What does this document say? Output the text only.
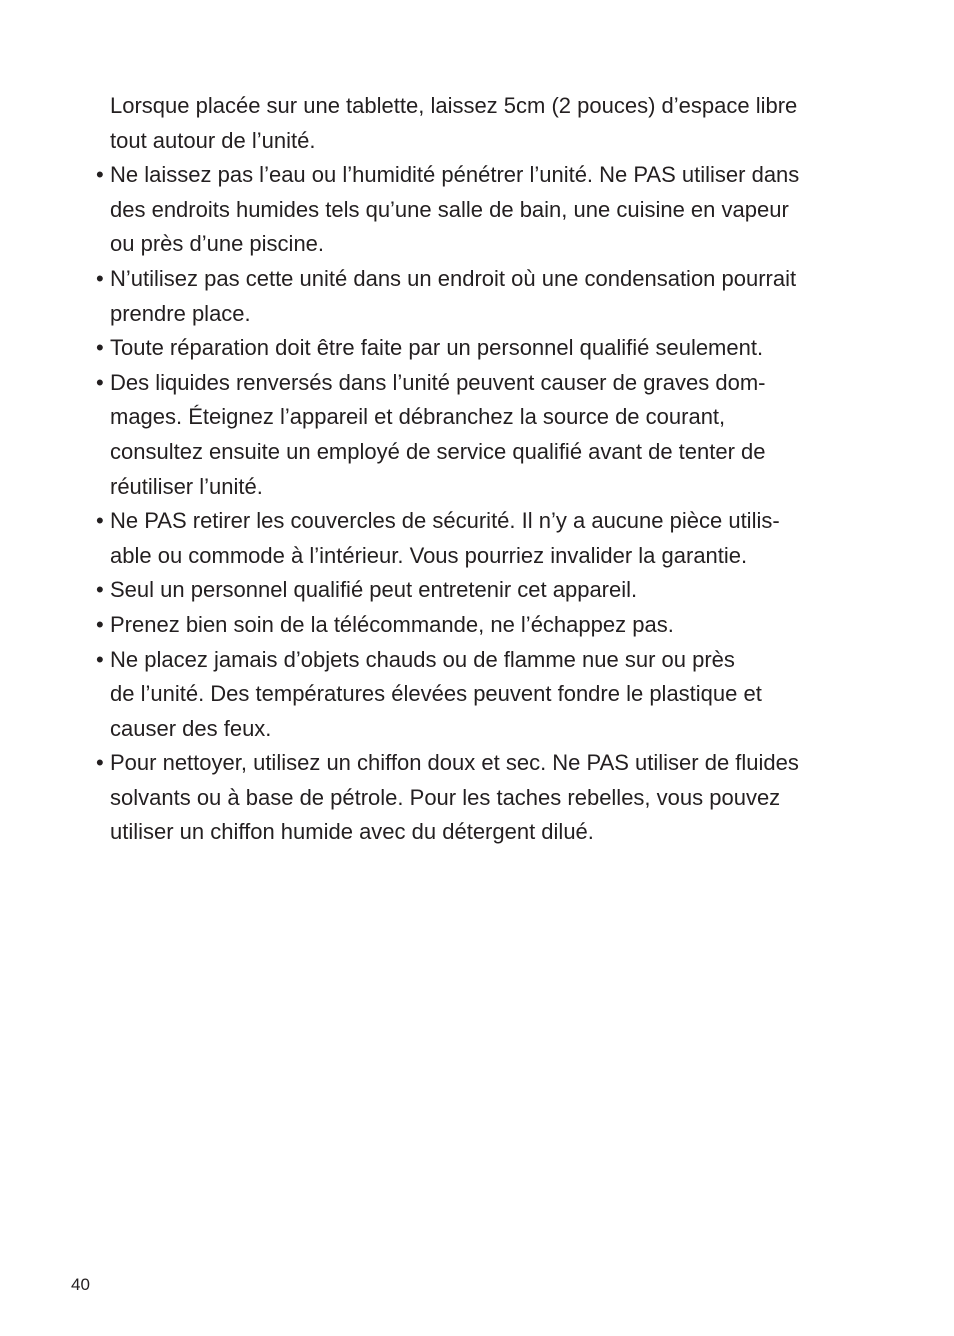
Lorsque placée sur une tablette, laissez 5cm (2 pouces) d’espace libre
tout autour de l’unité.
• Ne laissez pas l’eau ou l’humidité pénétrer l’unité. Ne PAS utiliser dans
des endroits humides tels qu’une salle de bain, une cuisine en vapeur
ou près d’une piscine.
• N’utilisez pas cette unité dans un endroit où une condensation pourrait
prendre place.
• Toute réparation doit être faite par un personnel qualifié seulement.
• Des liquides renversés dans l’unité peuvent causer de graves dom-
mages. Éteignez l’appareil et débranchez la source de courant,
consultez ensuite un employé de service qualifié avant de tenter de
réutiliser l’unité.
• Ne PAS retirer les couvercles de sécurité. Il n’y a aucune pièce utilis-
able ou commode à l’intérieur. Vous pourriez invalider la garantie.
• Seul un personnel qualifié peut entretenir cet appareil.
• Prenez bien soin de la télécommande, ne l’échappez pas.
• Ne placez jamais d’objets chauds ou de flamme nue sur ou près
de l’unité. Des températures élevées peuvent fondre le plastique et
causer des feux.
• Pour nettoyer, utilisez un chiffon doux et sec. Ne PAS utiliser de fluides
solvants ou à base de pétrole. Pour les taches rebelles, vous pouvez
utiliser un chiffon humide avec du détergent dilué.
40
